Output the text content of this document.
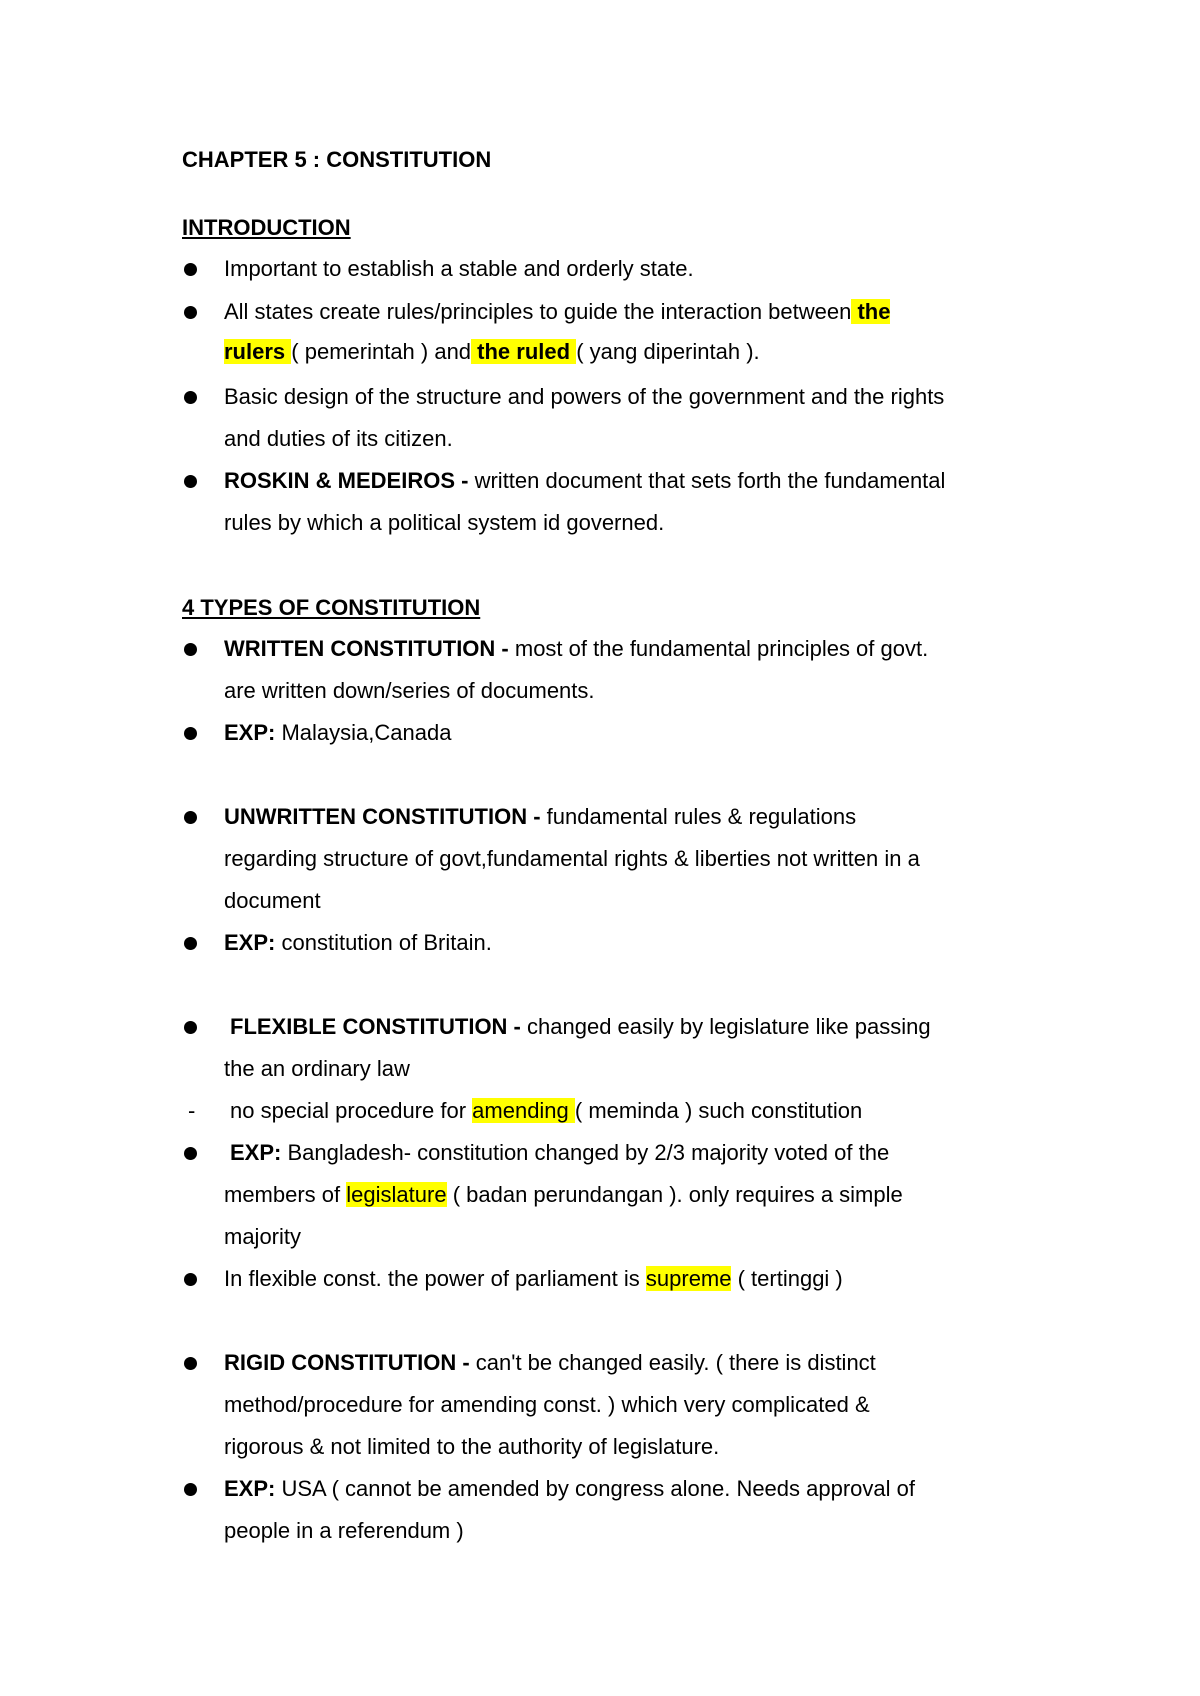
CHAPTER 5 : CONSTITUTION
INTRODUCTION
Important to establish a stable and orderly state.
All states create rules/principles to guide the interaction between the
rulers ( pemerintah ) and the ruled ( yang diperintah ).
Basic design of the structure and powers of the government and the rights
and duties of its citizen.
ROSKIN & MEDEIROS - written document that sets forth the fundamental
rules by which a political system id governed.
4 TYPES OF CONSTITUTION
WRITTEN CONSTITUTION - most of the fundamental principles of govt.
are written down/series of documents.
EXP: Malaysia,Canada
UNWRITTEN CONSTITUTION - fundamental rules & regulations
regarding structure of govt,fundamental rights & liberties not written in a
document
EXP: constitution of Britain.
FLEXIBLE CONSTITUTION - changed easily by legislature like passing
the an ordinary law
- no special procedure for amending ( meminda ) such constitution
EXP: Bangladesh- constitution changed by 2/3 majority voted of the
members of legislature ( badan perundangan ). only requires a simple
majority
In flexible const. the power of parliament is supreme ( tertinggi )
RIGID CONSTITUTION - can't be changed easily. ( there is distinct
method/procedure for amending const. ) which very complicated &
rigorous & not limited to the authority of legislature.
EXP: USA ( cannot be amended by congress alone. Needs approval of
people in a referendum )
